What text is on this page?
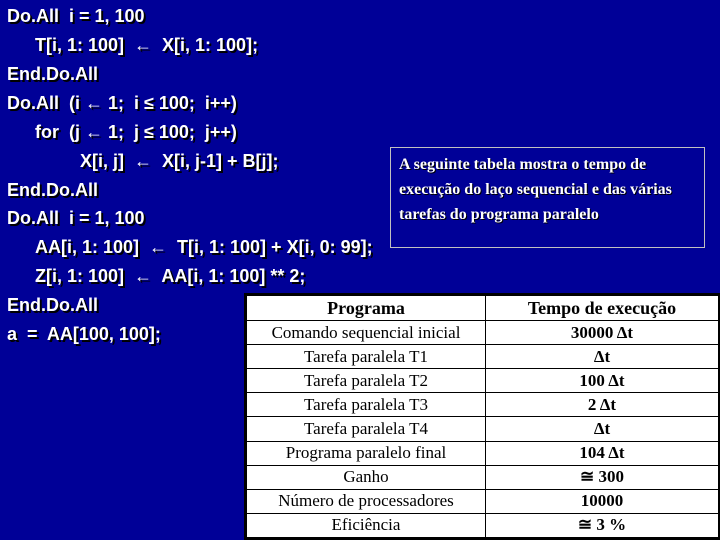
Do.All  i = 1, 100
T[i, 1: 100]  ←  X[i, 1: 100];
End.Do.All
Do.All  (i ← 1;  i ≤ 100;  i++)
for  (j ← 1;  j ≤ 100;  j++)
X[i, j]  ←  X[i, j-1] + B[j];
End.Do.All
Do.All  i = 1, 100
AA[i, 1: 100]  ←  T[i, 1: 100] + X[i, 0: 99];
Z[i, 1: 100]  ←  AA[i, 1: 100] ** 2;
End.Do.All
a  =  AA[100, 100];
A seguinte tabela mostra o tempo de execução do laço sequencial e das várias tarefas do programa paralelo
Programa	Tempo de execução
Comando sequencial inicial	30000 Δt
Tarefa paralela T1	Δt
Tarefa paralela T2	100 Δt
Tarefa paralela T3	2 Δt
Tarefa paralela T4	Δt
Programa paralelo final	104 Δt
Ganho	≅ 300
Número de processadores	10000
Eficiência	≅ 3 %
